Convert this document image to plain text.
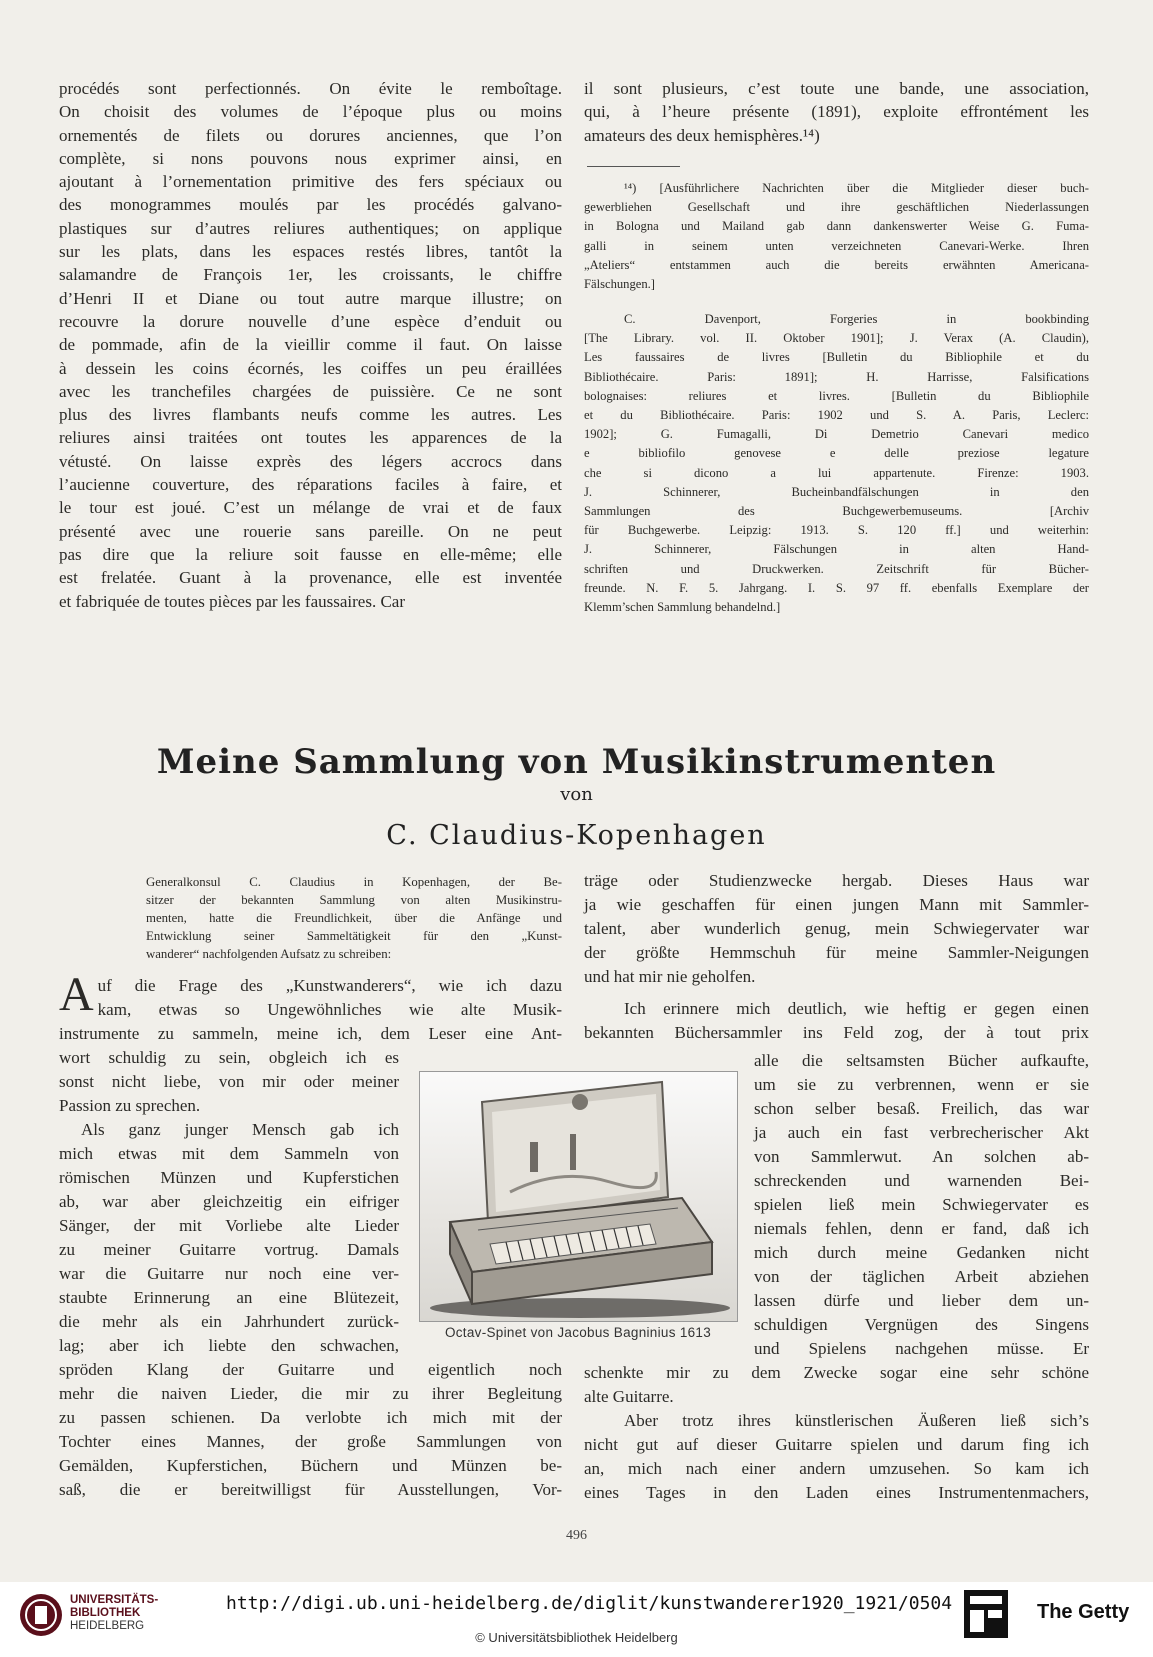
procédés sont perfectionnés. On évite le remboîtage.
On choisit des volumes de l’époque plus ou moins
ornementés de filets ou dorures anciennes, que l’on
complète, si nons pouvons nous exprimer ainsi, en
ajoutant à l’ornementation primitive des fers spéciaux ou
des monogrammes moulés par les procédés galvano-
plastiques sur d’autres reliures authentiques; on applique
sur les plats, dans les espaces restés libres, tantôt la
salamandre de François 1er, les croissants, le chiffre
d’Henri II et Diane ou tout autre marque illustre; on
recouvre la dorure nouvelle d’une espèce d’enduit ou
de pommade, afin de la vieillir comme il faut. On laisse
à dessein les coins écornés, les coiffes un peu éraillées
avec les tranchefiles chargées de puissière. Ce ne sont
plus des livres flambants neufs comme les autres. Les
reliures ainsi traitées ont toutes les apparences de la
vétusté. On laisse exprès des légers accrocs dans
l’aucienne couverture, des réparations faciles à faire, et
le tour est joué. C’est un mélange de vrai et de faux
présenté avec une rouerie sans pareille. On ne peut
pas dire que la reliure soit fausse en elle-même; elle
est frelatée. Guant à la provenance, elle est inventée
et fabriquée de toutes pièces par les faussaires. Car
il sont plusieurs, c’est toute une bande, une association,
qui, à l’heure présente (1891), exploite effrontément les
amateurs des deux hemisphères.¹⁴)
¹⁴) [Ausführlichere Nachrichten über die Mitglieder dieser buch-
gewerbliehen Gesellschaft und ihre geschäftlichen Niederlassungen
in Bologna und Mailand gab dann dankenswerter Weise G. Fuma-
galli in seinem unten verzeichneten Canevari-Werke. Ihren
„Ateliers“ entstammen auch die bereits erwähnten Americana-
Fälschungen.]
C. Davenport, Forgeries in bookbinding
[The Library. vol. II. Oktober 1901]; J. Verax (A. Claudin),
Les faussaires de livres [Bulletin du Bibliophile et du
Bibliothécaire. Paris: 1891]; H. Harrisse, Falsifications
bolognaises: reliures et livres. [Bulletin du Bibliophile
et du Bibliothécaire. Paris: 1902 und S. A. Paris, Leclerc:
1902]; G. Fumagalli, Di Demetrio Canevari medico
e bibliofilo genovese e delle preziose legature
che si dicono a lui appartenute. Firenze: 1903.
J. Schinnerer, Bucheinbandfälschungen in den
Sammlungen des Buchgewerbemuseums. [Archiv
für Buchgewerbe. Leipzig: 1913. S. 120 ff.] und weiterhin:
J. Schinnerer, Fälschungen in alten Hand-
schriften und Druckwerken. Zeitschrift für Bücher-
freunde. N. F. 5. Jahrgang. I. S. 97 ff. ebenfalls Exemplare der
Klemm’schen Sammlung behandelnd.]
Meine Sammlung von Musikinstrumenten
von
C. Claudius-Kopenhagen
Generalkonsul C. Claudius in Kopenhagen, der Be-
sitzer der bekannten Sammlung von alten Musikinstru-
menten, hatte die Freundlichkeit, über die Anfänge und
Entwicklung seiner Sammeltätigkeit für den „Kunst-
wanderer“ nachfolgenden Aufsatz zu schreiben:
A uf die Frage des „Kunstwanderers“, wie ich dazu
kam, etwas so Ungewöhnliches wie alte Musik-
instrumente zu sammeln, meine ich, dem Leser eine Ant-
wort schuldig zu sein, obgleich ich es
sonst nicht liebe, von mir oder meiner
Passion zu sprechen.
Als ganz junger Mensch gab ich
mich etwas mit dem Sammeln von
römischen Münzen und Kupferstichen
ab, war aber gleichzeitig ein eifriger
Sänger, der mit Vorliebe alte Lieder
zu meiner Guitarre vortrug. Damals
war die Guitarre nur noch eine ver-
staubte Erinnerung an eine Blütezeit,
die mehr als ein Jahrhundert zurück-
lag; aber ich liebte den schwachen,
spröden Klang der Guitarre und eigentlich noch
mehr die naiven Lieder, die mir zu ihrer Begleitung
zu passen schienen. Da verlobte ich mich mit der
Tochter eines Mannes, der große Sammlungen von
Gemälden, Kupferstichen, Büchern und Münzen be-
saß, die er bereitwilligst für Ausstellungen, Vor-
Octav-Spinet von Jacobus Bagninius 1613
träge oder Studienzwecke hergab. Dieses Haus war
ja wie geschaffen für einen jungen Mann mit Sammler-
talent, aber wunderlich genug, mein Schwiegervater war
der größte Hemmschuh für meine Sammler-Neigungen
und hat mir nie geholfen.
Ich erinnere mich deutlich, wie heftig er gegen einen
bekannten Büchersammler ins Feld zog, der à tout prix
alle die seltsamsten Bücher aufkaufte,
um sie zu verbrennen, wenn er sie
schon selber besaß. Freilich, das war
ja auch ein fast verbrecherischer Akt
von Sammlerwut. An solchen ab-
schreckenden und warnenden Bei-
spielen ließ mein Schwiegervater es
niemals fehlen, denn er fand, daß ich
mich durch meine Gedanken nicht
von der täglichen Arbeit abziehen
lassen dürfe und lieber dem un-
schuldigen Vergnügen des Singens
und Spielens nachgehen müsse. Er
schenkte mir zu dem Zwecke sogar eine sehr schöne
alte Guitarre.
Aber trotz ihres künstlerischen Äußeren ließ sich’s
nicht gut auf dieser Guitarre spielen und darum fing ich
an, mich nach einer andern umzusehen. So kam ich
eines Tages in den Laden eines Instrumentenmachers,
496
UNIVERSITÄTS-
BIBLIOTHEK
HEIDELBERG
http://digi.ub.uni-heidelberg.de/diglit/kunstwanderer1920_1921/0504
© Universitätsbibliothek Heidelberg
The Getty
